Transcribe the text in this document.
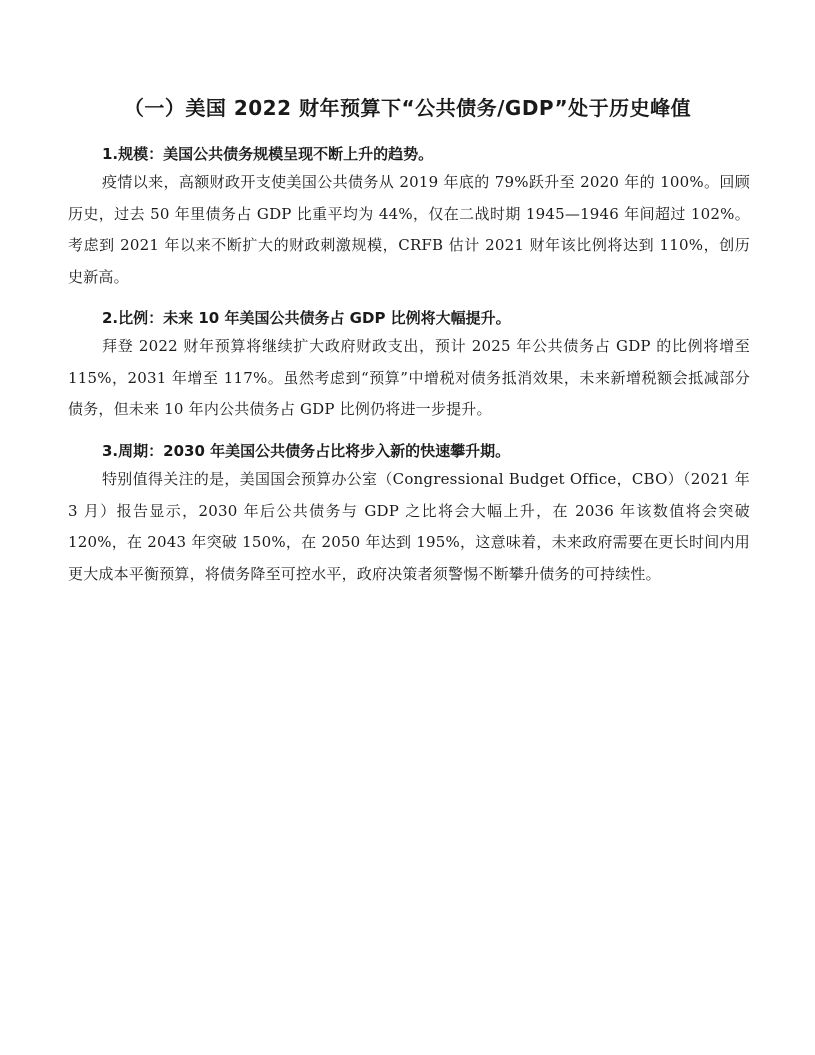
（一）美国 2022 财年预算下“公共债务/GDP”处于历史峰值

1.规模：美国公共债务规模呈现不断上升的趋势。

疫情以来，高额财政开支使美国公共债务从 2019 年底的 79%跃升至 2020 年的 100%。回顾历史，过去 50 年里债务占 GDP 比重平均为 44%，仅在二战时期 1945—1946 年间超过 102%。考虑到 2021 年以来不断扩大的财政刺激规模，CRFB 估计 2021 财年该比例将达到 110%，创历史新高。

2.比例：未来 10 年美国公共债务占 GDP 比例将大幅提升。

拜登 2022 财年预算将继续扩大政府财政支出，预计 2025 年公共债务占 GDP 的比例将增至 115%，2031 年增至 117%。虽然考虑到“预算”中增税对债务抵消效果，未来新增税额会抵减部分债务，但未来 10 年内公共债务占 GDP 比例仍将进一步提升。

3.周期：2030 年美国公共债务占比将步入新的快速攀升期。

特别值得关注的是，美国国会预算办公室（Congressional Budget Office，CBO）（2021 年 3 月）报告显示，2030 年后公共债务与 GDP 之比将会大幅上升，在 2036 年该数值将会突破 120%，在 2043 年突破 150%，在 2050 年达到 195%，这意味着，未来政府需要在更长时间内用更大成本平衡预算，将债务降至可控水平，政府决策者须警惕不断攀升债务的可持续性。
